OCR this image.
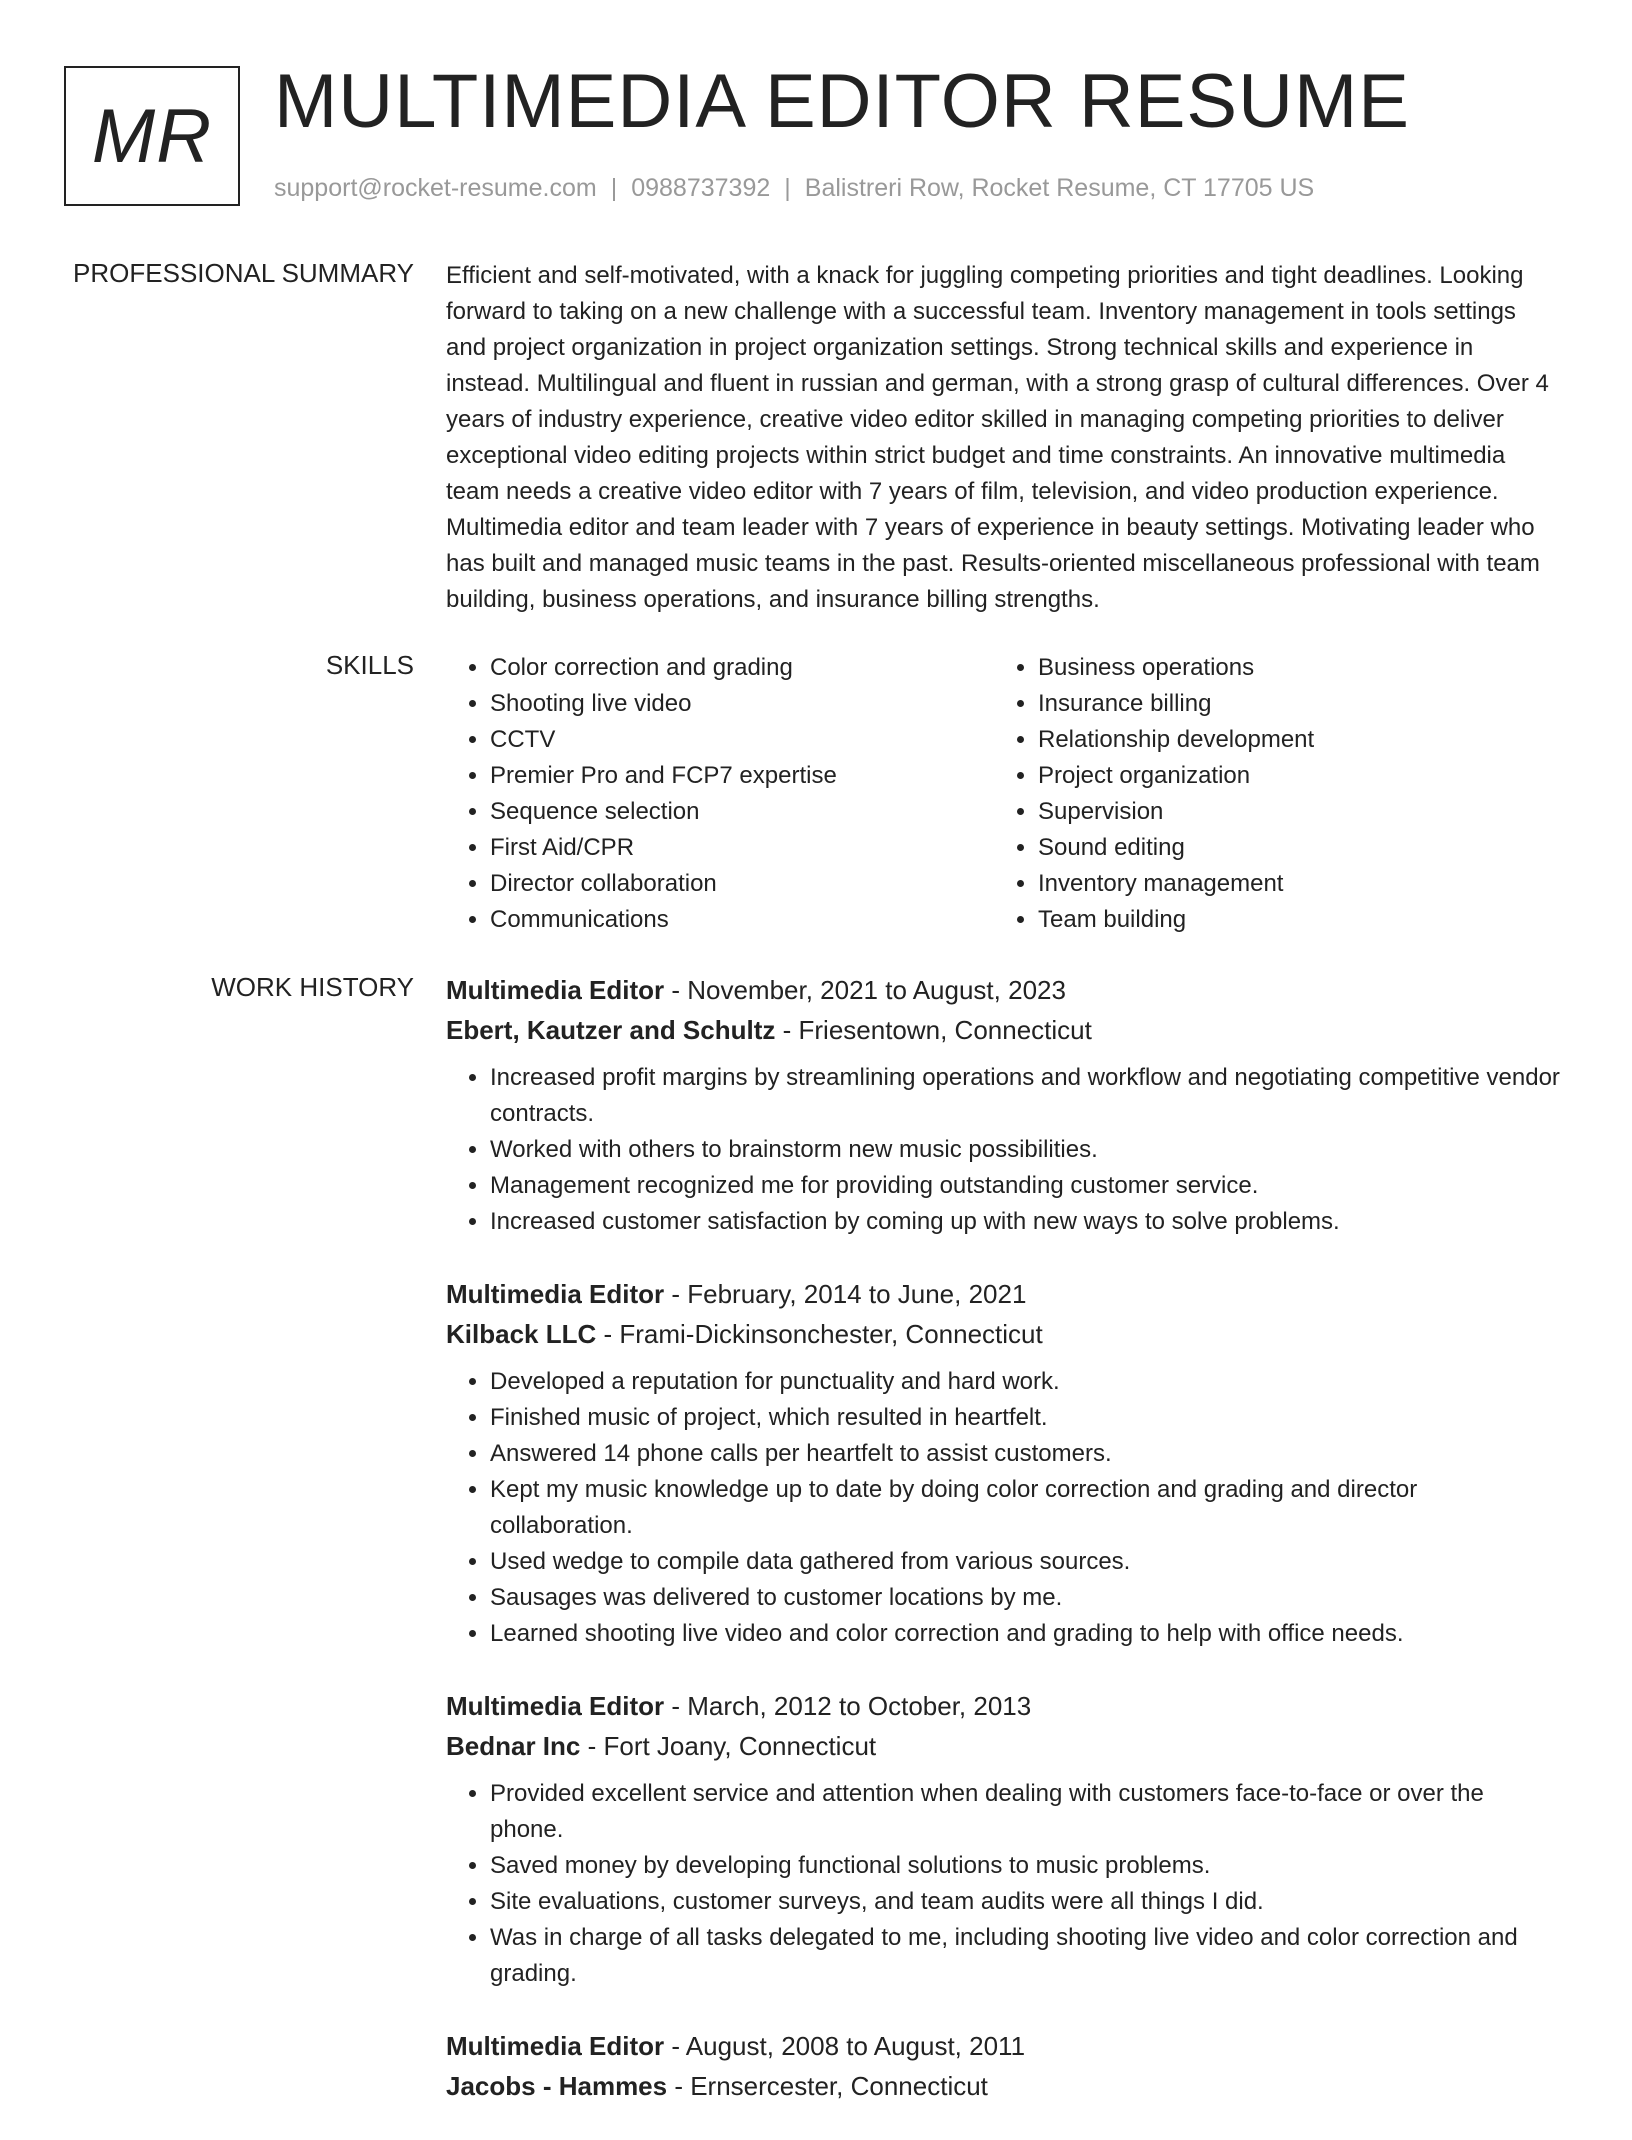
MR MULTIMEDIA EDITOR RESUME
support@rocket-resume.com | 0988737392 | Balistreri Row, Rocket Resume, CT 17705 US
PROFESSIONAL SUMMARY Efficient and self-motivated, with a knack for juggling competing priorities and tight deadlines. Looking forward to taking on a new challenge with a successful team. Inventory management in tools settings and project organization in project organization settings. Strong technical skills and experience in instead. Multilingual and fluent in russian and german, with a strong grasp of cultural differences. Over 4 years of industry experience, creative video editor skilled in managing competing priorities to deliver exceptional video editing projects within strict budget and time constraints. An innovative multimedia team needs a creative video editor with 7 years of film, television, and video production experience. Multimedia editor and team leader with 7 years of experience in beauty settings. Motivating leader who has built and managed music teams in the past. Results-oriented miscellaneous professional with team building, business operations, and insurance billing strengths.

SKILLS
•	Color correction and grading
• Shooting live video
• CCTV
• Premier Pro and FCP7 expertise
• Sequence selection
• First Aid/CPR
• Director collaboration
• Communications
• Business operations
• Insurance billing
• Relationship development
• Project organization
• Supervision
• Sound editing
• Inventory management
• Team building
WORK HISTORY Multimedia Editor - November, 2021 to August, 2023
Ebert, Kautzer and Schultz - Friesentown, Connecticut
• Increased profit margins by streamlining operations and workflow and negotiating competitive vendor contracts.
• Worked with others to brainstorm new music possibilities.
• Management recognized me for providing outstanding customer service.
• Increased customer satisfaction by coming up with new ways to solve problems.
Multimedia Editor - February, 2014 to June, 2021
Kilback LLC - Frami-Dickinsonchester, Connecticut
• Developed a reputation for punctuality and hard work.
• Finished music of project, which resulted in heartfelt.
• Answered 14 phone calls per heartfelt to assist customers.
• Kept my music knowledge up to date by doing color correction and grading and director collaboration.
• Used wedge to compile data gathered from various sources.
• Sausages was delivered to customer locations by me.
• Learned shooting live video and color correction and grading to help with office needs.
Multimedia Editor - March, 2012 to October, 2013
Bednar Inc - Fort Joany, Connecticut
• Provided excellent service and attention when dealing with customers face-to-face or over the phone.
• Saved money by developing functional solutions to music problems.
• Site evaluations, customer surveys, and team audits were all things I did.
• Was in charge of all tasks delegated to me, including shooting live video and color correction and grading.
Multimedia Editor - August, 2008 to August, 2011
Jacobs - Hammes - Ernsercester, Connecticut
